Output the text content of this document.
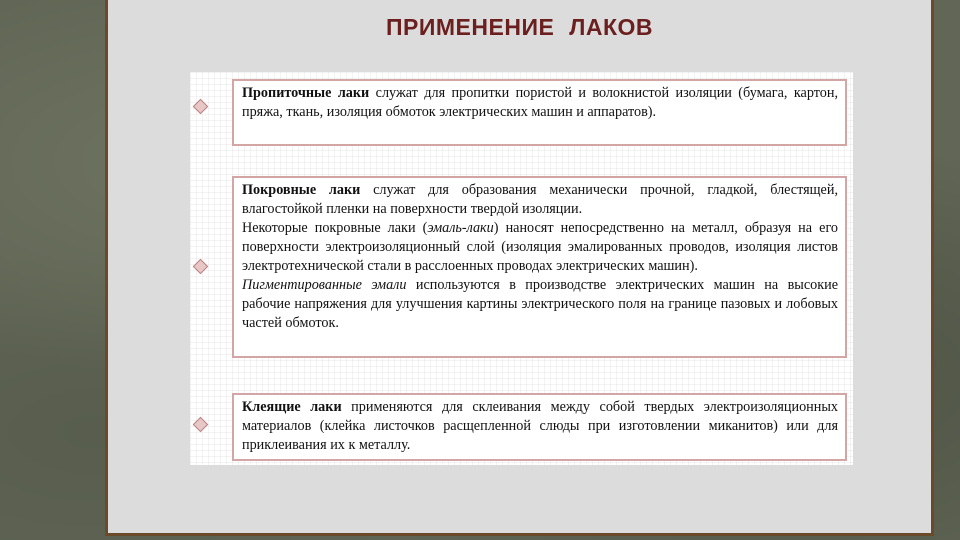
ПРИМЕНЕНИЕ ЛАКОВ

Пропиточные лаки служат для пропитки пористой и волокнистой изоляции (бумага, картон, пряжа, ткань, изоляция обмоток электрических машин и аппаратов).

Покровные лаки служат для образования механически прочной, гладкой, блестящей, влагостойкой пленки на поверхности твердой изоляции.

Некоторые покровные лаки (эмаль-лаки) наносят непосредственно на металл, образуя на его поверхности электроизоляционный слой (изоляция эмалированных проводов, изоляция листов электротехнической стали в расслоенных проводах электрических машин).

Пигментированные эмали используются в производстве электрических машин на высокие рабочие напряжения для улучшения картины электрического поля на границе пазовых и лобовых частей обмоток.

Клеящие лаки применяются для склеивания между собой твердых электроизоляционных материалов (клейка листочков расщепленной слюды при изготовлении миканитов) или для приклеивания их к металлу.
